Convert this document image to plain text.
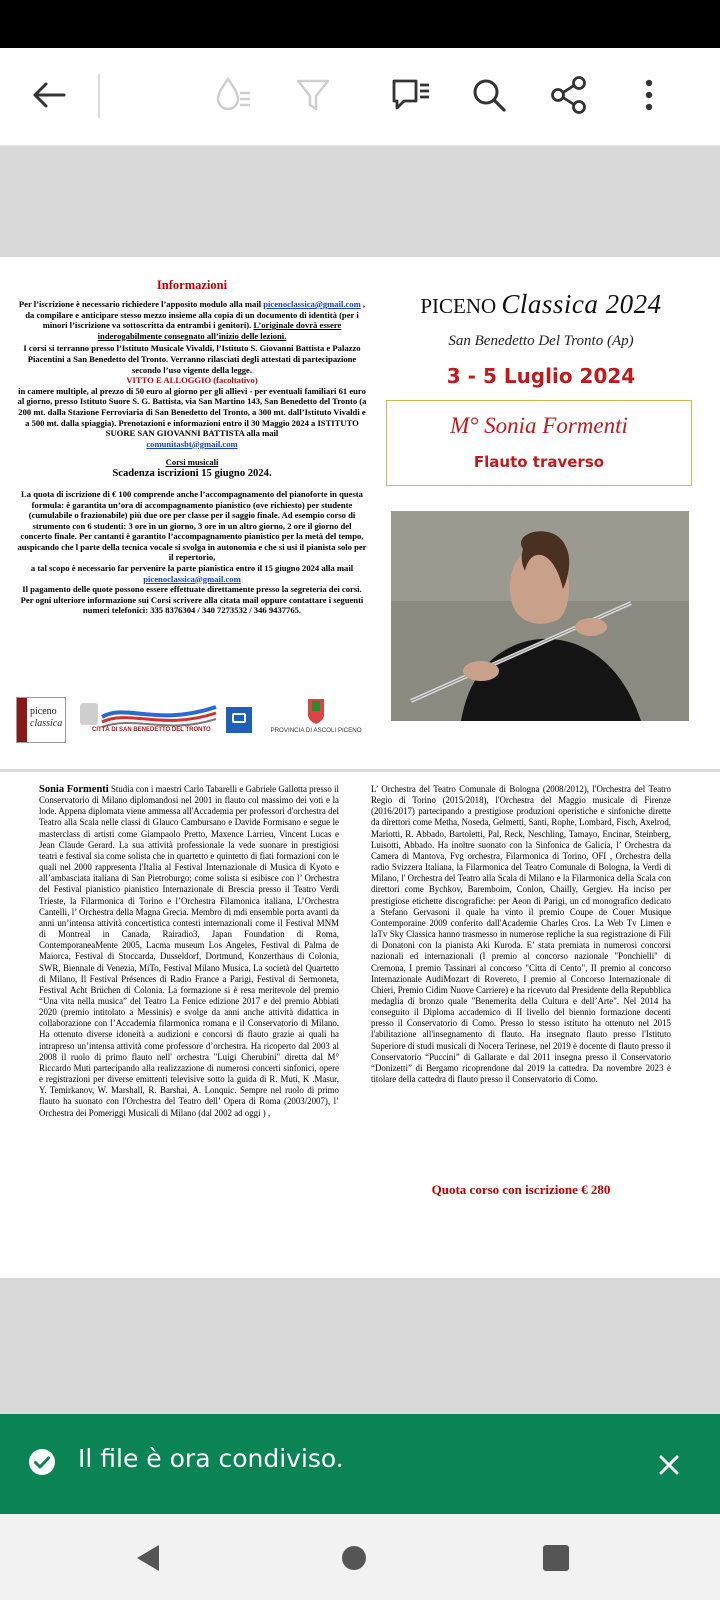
Informazioni

Per l’iscrizione è necessario richiedere l’apposito modulo alla mail picenoclassica@gmail.com , da compilare e anticipare stesso mezzo insieme alla copia di un documento di identità (per i minori l’iscrizione va sottoscritta da entrambi i genitori). L’originale dovrà essere inderogabilmente consegnato all’inizio delle lezioni.

I corsi si terranno presso l’Istituto Musicale Vivaldi, l’Istituto S. Giovanni Battista e Palazzo Piacentini a San Benedetto del Tronto. Verranno rilasciati degli attestati di partecipazione secondo l’uso vigente della legge.

VITTO E ALLOGGIO (facoltativo)

in camere multiple, al prezzo di 50 euro al giorno per gli allievi - per eventuali familiari 61 euro al giorno, presso Istituto Suore S. G. Battista, via San Martino 143, San Benedetto del Tronto (a 200 mt. dalla Stazione Ferroviaria di San Benedetto del Tronto, a 300 mt. dall’Istituto Vivaldi e a 500 mt. dalla spiaggia). Prenotazioni e informazioni entro il 30 Maggio 2024 a ISTITUTO SUORE SAN GIOVANNI BATTISTA alla mail

comunitasbt@gmail.com

Corsi musicali

Scadenza iscrizioni 15 giugno 2024.

La quota di iscrizione di € 100 comprende anche l’accompagnamento del pianoforte in questa formula: è garantita un’ora di accompagnamento pianistico (ove richiesto) per studente (cumulabile o frazionabile) più due ore per classe per il saggio finale. Ad esempio corso di strumento con 6 studenti: 3 ore in un giorno, 3 ore in un altro giorno, 2 ore il giorno del concerto finale. Per cantanti è garantito l’accompagnamento pianistico per la metà del tempo, auspicando che l parte della tecnica vocale si svolga in autonomia e che si usi il pianista solo per il repertorio,

a tal scopo è necessario far pervenire la parte pianistica entro il 15 giugno 2024 alla mail picenoclassica@gmail.com

Il pagamento delle quote possono essere effettuate direttamente presso la segreteria dei corsi.

Per ogni ulteriore informazione sui Corsi scrivere alla citata mail oppure contattare i seguenti numeri telefonici: 335 8376304 / 340 7273532 / 346 9437765.

piceno
classica
CITTÀ DI SAN BENEDETTO DEL TRONTO	PROVINCIA DI ASCOLI PICENO
PICENO Classica 2024
San Benedetto Del Tronto (Ap)
3 - 5 Luglio 2024
M° Sonia Formenti
Flauto traverso
Sonia Formenti Studia con i maestri Carlo Tabarelli e Gabriele Gallotta presso il Conservatorio di Milano diplomandosi nel 2001 in flauto col massimo dei voti e la lode. Appena diplomata viene ammessa all'Accademia per professori d'orchestra del Teatro alla Scala nelle classi di Glauco Cambursano e Davide Formisano e segue le masterclass di artisti come Giampaolo Pretto, Maxence Larrieu, Vincent Lucas e Jean Claude Gerard. La sua attività professionale la vede suonare in prestigiosi teatri e festival sia come solista che in quartetto e quintetto di fiati formazioni con le quali nel 2000 rappresenta l'Italia al Festival Internazionale di Musica di Kyoto e all’ambasciata italiana di San Pietroburgo; come solista si esibisce con l’ Orchestra del Festival pianistico pianistico Internazionale di Brescia presso il Teatro Verdi Trieste, la Filarmonica di Torino e l’Orchestra Filamonica italiana, L’Orchestra Cantelli, l’ Orchestra della Magna Grecia. Membro di mdi ensemble porta avanti da anni un’intensa attività concertistica contesti internazionali come il Festival MNM di Montreal in Canada, Rairadio3, Japan Foundation di Roma, ContemporaneaMente 2005, Lacma museum Los Angeles, Festival di Palma de Maiorca, Festival di Stoccarda, Dusseldorf, Dortmund, Konzerthaus di Colonia, SWR, Biennale di Venezia, MiTo, Festival Milano Musica, La società del Quartetto di Milano, Il Festival Présences di Radio France a Parigi, Festival di Sermoneta, Festival Acht Brüchen di Colonia. La formazione si è resa meritevole del premio “Una vita nella musica” del Teatro La Fenice edizione 2017 e del premio Abbiati 2020 (premio intitolato a Messinis) e svolge da anni anche attività didattica in collaborazione con l’Accademia filarmonica romana e il Conservatorio di Milano. Ha ottenuto diverse idoneità a audizioni e concorsi di flauto grazie ai quali ha intrapreso un’intensa attività come professore d’orchestra. Ha ricoperto dal 2003 al 2008 il ruolo di primo flauto nell' orchestra "Luigi Cherubini" diretta dal M° Riccardo Muti partecipando alla realizzazione di numerosi concerti sinfonici, opere e registrazioni per diverse emittenti televisive sotto la guida di R. Muti, K .Masur, Y. Temirkanov, W. Marshall, R. Barshai, A. Lonquic. Sempre nel ruolo di primo flauto ha suonato con l'Orchestra del Teatro dell’ Opera di Roma (2003/2007), l’ Orchestra dei Pomeriggi Musicali di Milano (dal 2002 ad oggi ) ,
L’ Orchestra del Teatro Comunale di Bologna (2008/2012), l'Orchestra del Teatro Regio di Torino (2015/2018), l'Orchestra del Maggio musicale di Firenze (2016/2017) partecipando a prestigiose produzioni operistiche e sinfoniche dirette da direttori come Metha, Noseda, Gelmetti, Santi, Rophe, Lombard, Fisch, Axelrod, Mariotti, R. Abbado, Bartoletti, Pal, Reck, Neschling, Tamayo, Encinar, Steinberg, Luisotti, Abbado. Ha inoltre suonato con la Sinfonica de Galicia, l’ Orchestra da Camera di Mantova, Fvg orchestra, Filarmonica di Torino, OFI , Orchestra della radio Svizzera Italiana, la Filarmonica del Teatro Comunale di Bologna, la Verdi di Milano, l' Orchestra del Teatro alla Scala di Milano e la Filarmonica della Scala con direttori come Bychkov, Baremboim, Conlon, Chailly, Gergiev. Ha inciso per prestigiose etichette discografiche: per Aeon di Parigi, un cd monografico dedicato a Stefano Gervasoni il quale ha vinto il premio Coupe de Couer Musique Contemporaine 2009 conferito dall'Academie Charles Cros. La Web Tv Limen e laTv Sky Classica hanno trasmesso in numerose repliche la sua registrazione di Fili di Donatoni con la pianista Aki Kuroda. E’ stata premiata in numerosi concorsi nazionali ed internazionali (I premio al concorso nazionale "Ponchielli" di Cremona, I premio Tassinari al concorso "Citta di Cento", II premio al concorso Internazionale AudiMozart di Rovereto, I premio al Concorso Internazionale di Chieri, Premio Cidim Nuove Carriere) e ha ricevuto dal Presidente della Repubblica medaglia di bronzo quale "Benemerita della Cultura e dell’Arte". Nel 2014 ha conseguito il Diploma accademico di II livello del biennio formazione docenti presso il Conservatorio di Como. Presso lo stesso istituto ha ottenuto nel 2015 l'abilitazione all'insegnamento di flauto. Ha insegnato flauto presso l'Istituto Superiore di studi musicali di Nocera Terinese, nel 2019 è docente di flauto presso il Conservatorio “Puccini” di Gallarate e dal 2011 insegna presso il Conservatorio “Donizetti” di Bergamo ricoprendone dal 2019 la cattedra. Da novembre 2023 è titolare della cattedra di flauto presso il Conservatorio di Como.
Quota corso con iscrizione € 280
Il file è ora condiviso.
